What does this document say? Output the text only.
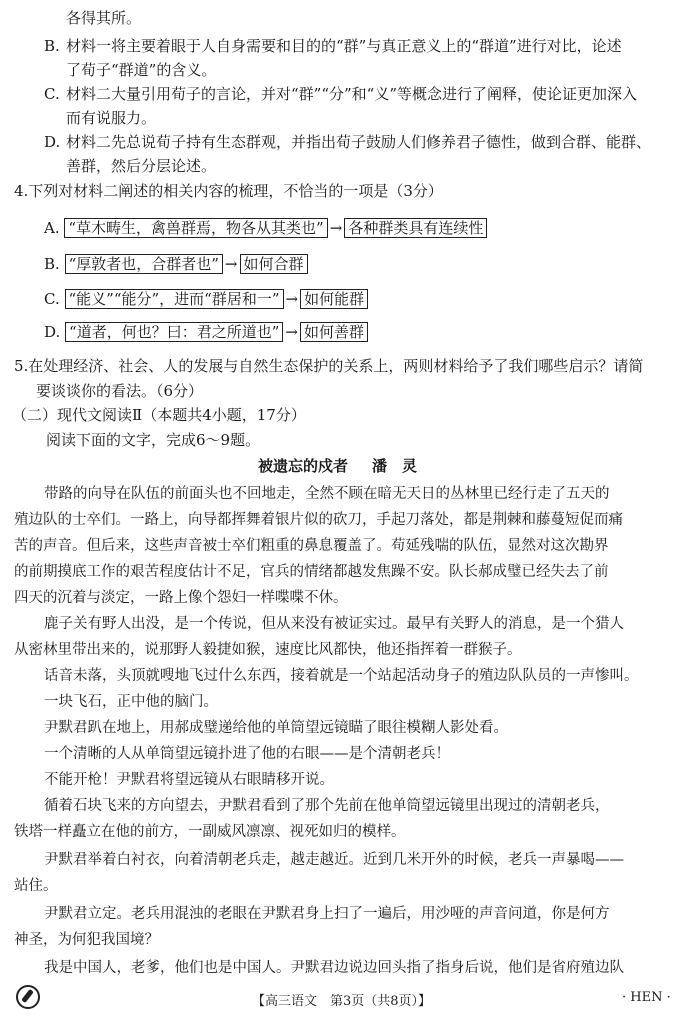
各得其所。
B. 材料一将主要着眼于人自身需要和目的的“群”与真正意义上的“群道”进行对比，论述
了荀子“群道”的含义。
C. 材料二大量引用荀子的言论，并对“群”“分”和“义”等概念进行了阐释，使论证更加深入
而有说服力。
D. 材料二先总说荀子持有生态群观，并指出荀子鼓励人们修养君子德性，做到合群、能群、
善群，然后分层论述。
4.下列对材料二阐述的相关内容的梳理，不恰当的一项是（3分）
A. “草木畴生，禽兽群焉，物各从其类也” → 各种群类具有连续性
B. “厚敦者也，合群者也” → 如何合群
C. “能义”“能分”，进而“群居和一” → 如何能群
D. “道者，何也？曰：君之所道也” → 如何善群
5.在处理经济、社会、人的发展与自然生态保护的关系上，两则材料给予了我们哪些启示？请简
要谈谈你的看法。（6分）
（二）现代文阅读Ⅱ（本题共4小题，17分）
阅读下面的文字，完成6～9题。
被遗忘的戍者 潘　灵
带路的向导在队伍的前面头也不回地走，全然不顾在暗无天日的丛林里已经行走了五天的
殖边队的士卒们。一路上，向导都挥舞着银片似的砍刀，手起刀落处，都是荆棘和藤蔓短促而痛
苦的声音。但后来，这些声音被士卒们粗重的鼻息覆盖了。苟延残喘的队伍，显然对这次勘界
的前期摸底工作的艰苦程度估计不足，官兵的情绪都越发焦躁不安。队长郝成璧已经失去了前
四天的沉着与淡定，一路上像个怨妇一样喋喋不休。
鹿子关有野人出没，是一个传说，但从来没有被证实过。最早有关野人的消息，是一个猎人
从密林里带出来的，说那野人毅捷如猴，速度比风都快，他还指挥着一群猴子。
话音未落，头顶就嗖地飞过什么东西，接着就是一个站起活动身子的殖边队队员的一声惨叫。
一块飞石，正中他的脑门。
尹默君趴在地上，用郝成璧递给他的单筒望远镜瞄了眼往模糊人影处看。
一个清晰的人从单筒望远镜扑进了他的右眼——是个清朝老兵！
不能开枪！尹默君将望远镜从右眼睛移开说。
循着石块飞来的方向望去，尹默君看到了那个先前在他单筒望远镜里出现过的清朝老兵，
铁塔一样矗立在他的前方，一副威风凛凛、视死如归的模样。
尹默君举着白衬衣，向着清朝老兵走，越走越近。近到几米开外的时候，老兵一声暴喝——
站住。
尹默君立定。老兵用混浊的老眼在尹默君身上扫了一遍后，用沙哑的声音问道，你是何方
神圣，为何犯我国境？
我是中国人，老爹，他们也是中国人。尹默君边说边回头指了指身后说，他们是省府殖边队
【高三语文　第3页（共8页）】	· HEN ·
